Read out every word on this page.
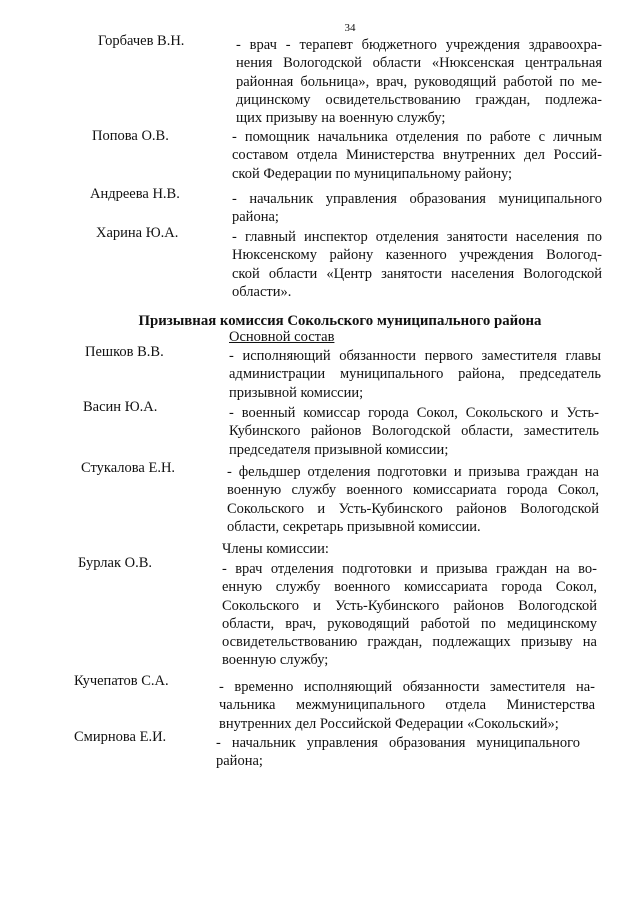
34
Горбачев В.Н.	- врач - терапевт бюджетного учреждения здравоохра-
нения Вологодской области «Нюксенская центральная
районная больница», врач, руководящий работой по ме-
дицинскому освидетельствованию граждан, подлежа-
щих призыву на военную службу;
Попова О.В.	- помощник начальника отделения по работе с личным
составом отдела Министерства внутренних дел Россий-
ской Федерации по муниципальному району;
Андреева Н.В.	- начальник управления образования муниципального
района;
Харина Ю.А.	- главный инспектор отделения занятости населения по
Нюксенскому району казенного учреждения Вологод-
ской области «Центр занятости населения Вологодской
области».
Призывная комиссия Сокольского муниципального района
Основной состав
Пешков В.В.	- исполняющий обязанности первого заместителя главы
администрации муниципального района, председатель
призывной комиссии;
Васин Ю.А.	- военный комиссар города Сокол, Сокольского и Усть-
Кубинского районов Вологодской области, заместитель
председателя призывной комиссии;
Стукалова Е.Н.	- фельдшер отделения подготовки и призыва граждан на
военную службу военного комиссариата города Сокол,
Сокольского и Усть-Кубинского районов Вологодской
области, секретарь призывной комиссии.
Члены комиссии:
Бурлак О.В.	- врач отделения подготовки и призыва граждан на во-
енную службу военного комиссариата города Сокол,
Сокольского и Усть-Кубинского районов Вологодской
области, врач, руководящий работой по медицинскому
освидетельствованию граждан, подлежащих призыву на
военную службу;
Кучепатов С.А.	- временно исполняющий обязанности заместителя на-
чальника межмуниципального отдела Министерства
внутренних дел Российской Федерации «Сокольский»;
Смирнова Е.И.	- начальник управления образования муниципального
района;
